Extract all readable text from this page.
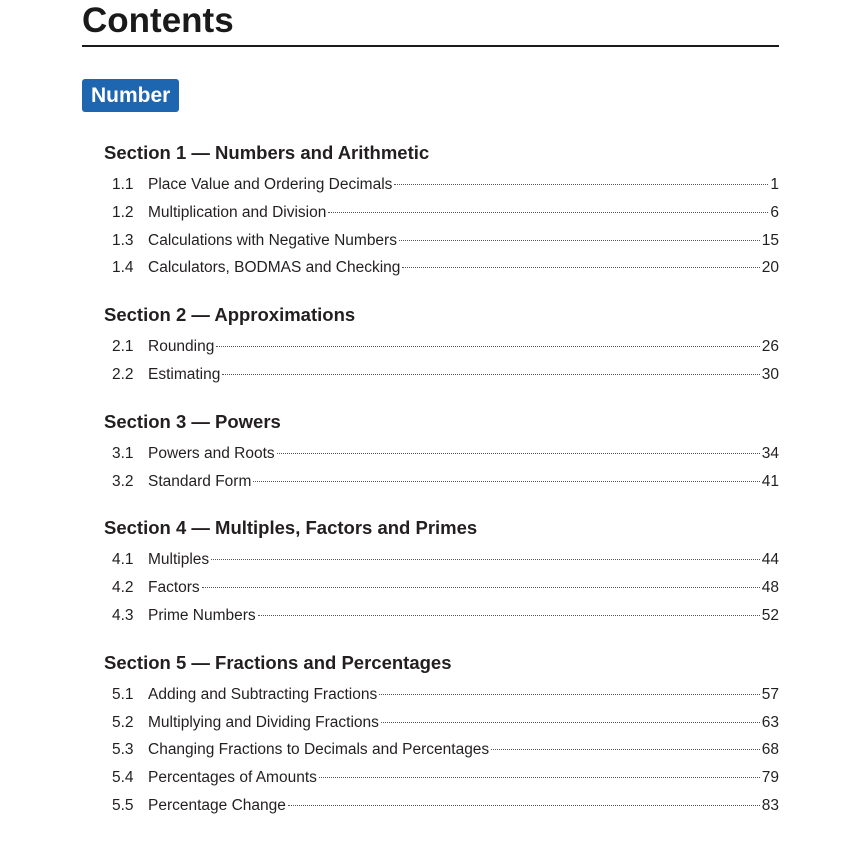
Contents
Number
Section 1 — Numbers and Arithmetic
1.1 Place Value and Ordering Decimals	1
1.2 Multiplication and Division	6
1.3 Calculations with Negative Numbers	15
1.4 Calculators, BODMAS and Checking	20
Section 2 — Approximations
2.1 Rounding	26
2.2 Estimating	30
Section 3 — Powers
3.1 Powers and Roots	34
3.2 Standard Form	41
Section 4 — Multiples, Factors and Primes
4.1 Multiples	44
4.2 Factors	48
4.3 Prime Numbers	52
Section 5 — Fractions and Percentages
5.1 Adding and Subtracting Fractions	57
5.2 Multiplying and Dividing Fractions	63
5.3 Changing Fractions to Decimals and Percentages	68
5.4 Percentages of Amounts	79
5.5 Percentage Change	83
